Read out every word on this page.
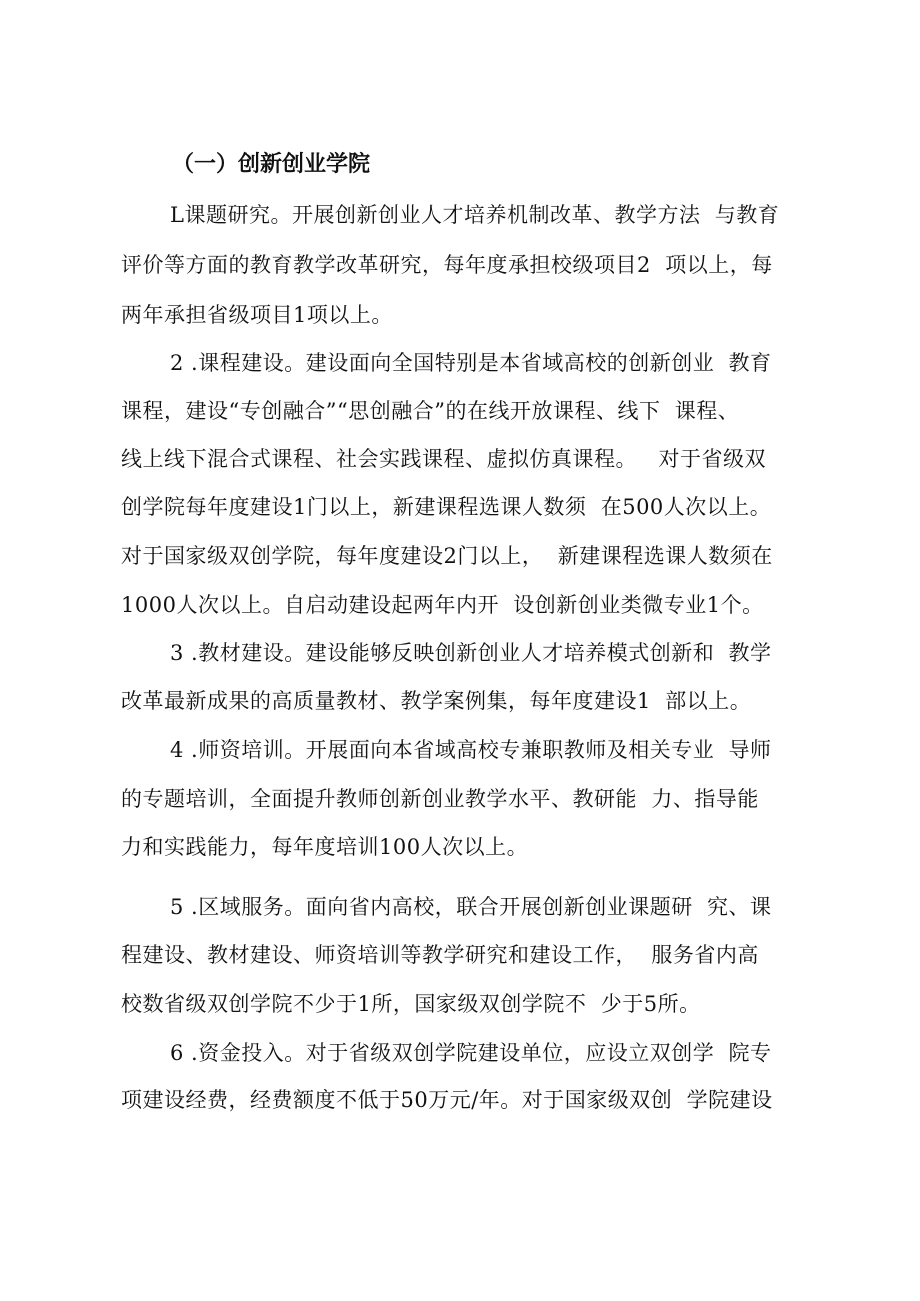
（一）创新创业学院
L课题研究。开展创新创业人才培养机制改革、教学方法  与教育
评价等方面的教育教学改革研究，每年度承担校级项目2  项以上，每
两年承担省级项目1项以上。
2 .课程建设。建设面向全国特别是本省域高校的创新创业  教育
课程，建设“专创融合”“思创融合”的在线开放课程、线下  课程、
线上线下混合式课程、社会实践课程、虚拟仿真课程。   对于省级双
创学院每年度建设1门以上，新建课程选课人数须  在500人次以上。
对于国家级双创学院，每年度建设2门以上，  新建课程选课人数须在
1000人次以上。自启动建设起两年内开  设创新创业类微专业1个。
3 .教材建设。建设能够反映创新创业人才培养模式创新和  教学
改革最新成果的高质量教材、教学案例集，每年度建设1  部以上。
4 .师资培训。开展面向本省域高校专兼职教师及相关专业  导师
的专题培训，全面提升教师创新创业教学水平、教研能  力、指导能
力和实践能力，每年度培训100人次以上。
5 .区域服务。面向省内高校，联合开展创新创业课题研  究、课
程建设、教材建设、师资培训等教学研究和建设工作，  服务省内高
校数省级双创学院不少于1所，国家级双创学院不  少于5所。
6 .资金投入。对于省级双创学院建设单位，应设立双创学  院专
项建设经费，经费额度不低于50万元/年。对于国家级双创  学院建设
